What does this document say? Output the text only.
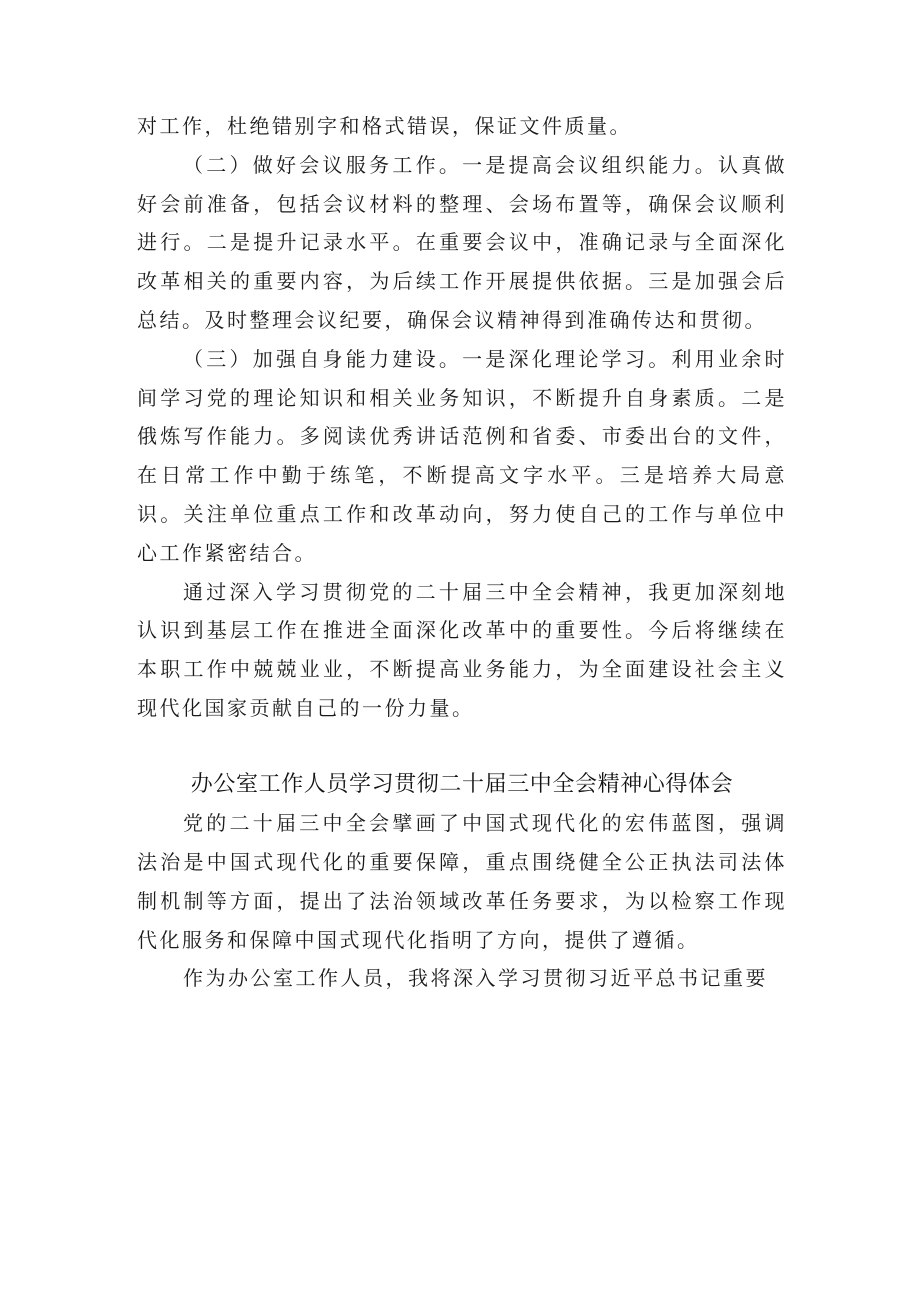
对工作，杜绝错别字和格式错误，保证文件质量。

（二）做好会议服务工作。一是提高会议组织能力。认真做好会前准备，包括会议材料的整理、会场布置等，确保会议顺利进行。二是提升记录水平。在重要会议中，准确记录与全面深化改革相关的重要内容，为后续工作开展提供依据。三是加强会后总结。及时整理会议纪要，确保会议精神得到准确传达和贯彻。

（三）加强自身能力建设。一是深化理论学习。利用业余时间学习党的理论知识和相关业务知识，不断提升自身素质。二是俄炼写作能力。多阅读优秀讲话范例和省委、市委出台的文件，在日常工作中勤于练笔，不断提高文字水平。三是培养大局意识。关注单位重点工作和改革动向，努力使自己的工作与单位中心工作紧密结合。

通过深入学习贯彻党的二十届三中全会精神，我更加深刻地认识到基层工作在推进全面深化改革中的重要性。今后将继续在本职工作中兢兢业业，不断提高业务能力，为全面建设社会主义现代化国家贡献自己的一份力量。

办公室工作人员学习贯彻二十届三中全会精神心得体会

党的二十届三中全会擘画了中国式现代化的宏伟蓝图，强调法治是中国式现代化的重要保障，重点围绕健全公正执法司法体制机制等方面，提出了法治领域改革任务要求，为以检察工作现代化服务和保障中国式现代化指明了方向，提供了遵循。

作为办公室工作人员，我将深入学习贯彻习近平总书记重要
